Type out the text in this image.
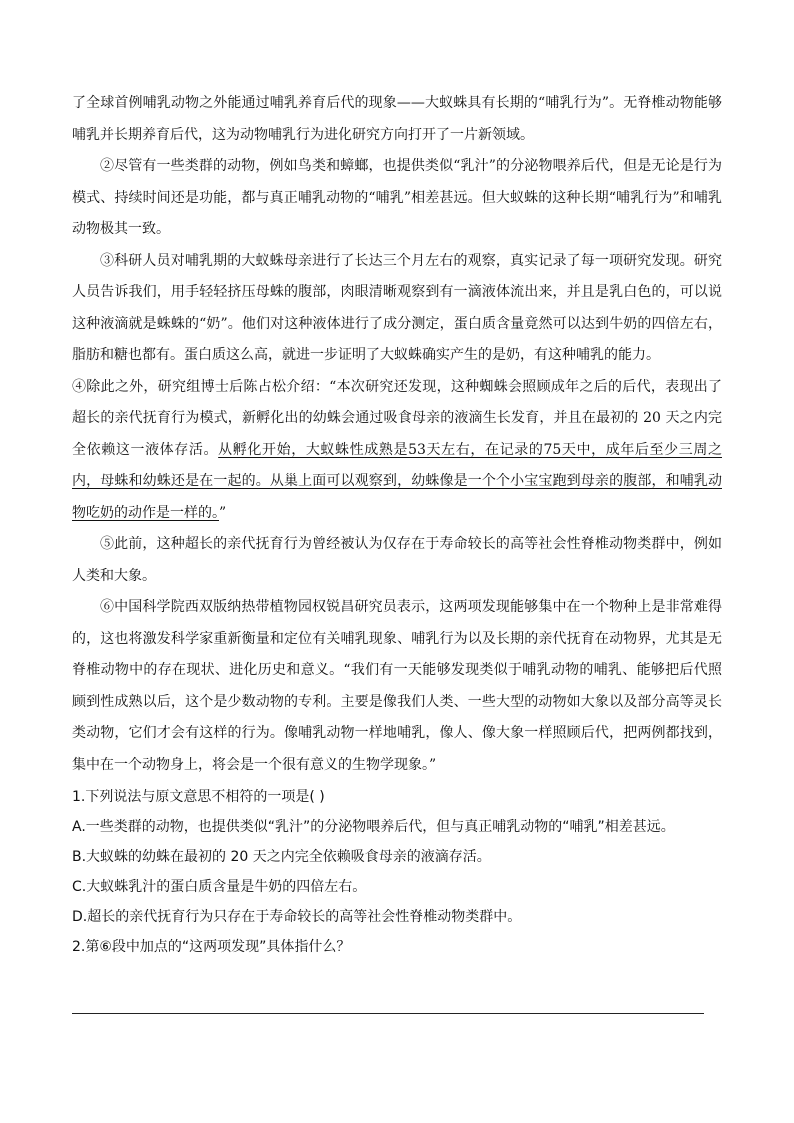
了全球首例哺乳动物之外能通过哺乳养育后代的现象——大蚁蛛具有长期的“哺乳行为”。无脊椎动物能够哺乳并长期养育后代，这为动物哺乳行为进化研究方向打开了一片新领域。

②尽管有一些类群的动物，例如鸟类和蟑螂，也提供类似“乳汁”的分泌物喂养后代，但是无论是行为模式、持续时间还是功能，都与真正哺乳动物的“哺乳”相差甚远。但大蚁蛛的这种长期“哺乳行为”和哺乳动物极其一致。

③科研人员对哺乳期的大蚁蛛母亲进行了长达三个月左右的观察，真实记录了每一项研究发现。研究人员告诉我们，用手轻轻挤压母蛛的腹部，肉眼清晰观察到有一滴液体流出来，并且是乳白色的，可以说这种液滴就是蛛蛛的“奶”。他们对这种液体进行了成分测定，蛋白质含量竟然可以达到牛奶的四倍左右，脂肪和糖也都有。蛋白质这么高，就进一步证明了大蚁蛛确实产生的是奶，有这种哺乳的能力。

④除此之外，研究组博士后陈占松介绍：“本次研究还发现，这种蜘蛛会照顾成年之后的后代，表现出了超长的亲代抚育行为模式，新孵化出的幼蛛会通过吸食母亲的液滴生长发育，并且在最初的 20 天之内完全依赖这一液体存活。从孵化开始，大蚁蛛性成熟是53天左右，在记录的75天中，成年后至少三周之内，母蛛和幼蛛还是在一起的。从巢上面可以观察到，幼蛛像是一个个小宝宝跑到母亲的腹部，和哺乳动物吃奶的动作是一样的。”

⑤此前，这种超长的亲代抚育行为曾经被认为仅存在于寿命较长的高等社会性脊椎动物类群中，例如人类和大象。

⑥中国科学院西双版纳热带植物园权锐昌研究员表示，这两项发现能够集中在一个物种上是非常难得的，这也将激发科学家重新衡量和定位有关哺乳现象、哺乳行为以及长期的亲代抚育在动物界，尤其是无脊椎动物中的存在现状、进化历史和意义。“我们有一天能够发现类似于哺乳动物的哺乳、能够把后代照顾到性成熟以后，这个是少数动物的专利。主要是像我们人类、一些大型的动物如大象以及部分高等灵长类动物，它们才会有这样的行为。像哺乳动物一样地哺乳，像人、像大象一样照顾后代，把两例都找到，集中在一个动物身上，将会是一个很有意义的生物学现象。”

1.下列说法与原文意思不相符的一项是( )

A.一些类群的动物，也提供类似“乳汁”的分泌物喂养后代，但与真正哺乳动物的“哺乳”相差甚远。

B.大蚁蛛的幼蛛在最初的 20 天之内完全依赖吸食母亲的液滴存活。

C.大蚁蛛乳汁的蛋白质含量是牛奶的四倍左右。

D.超长的亲代抚育行为只存在于寿命较长的高等社会性脊椎动物类群中。

2.第⑥段中加点的“这两项发现”具体指什么？
